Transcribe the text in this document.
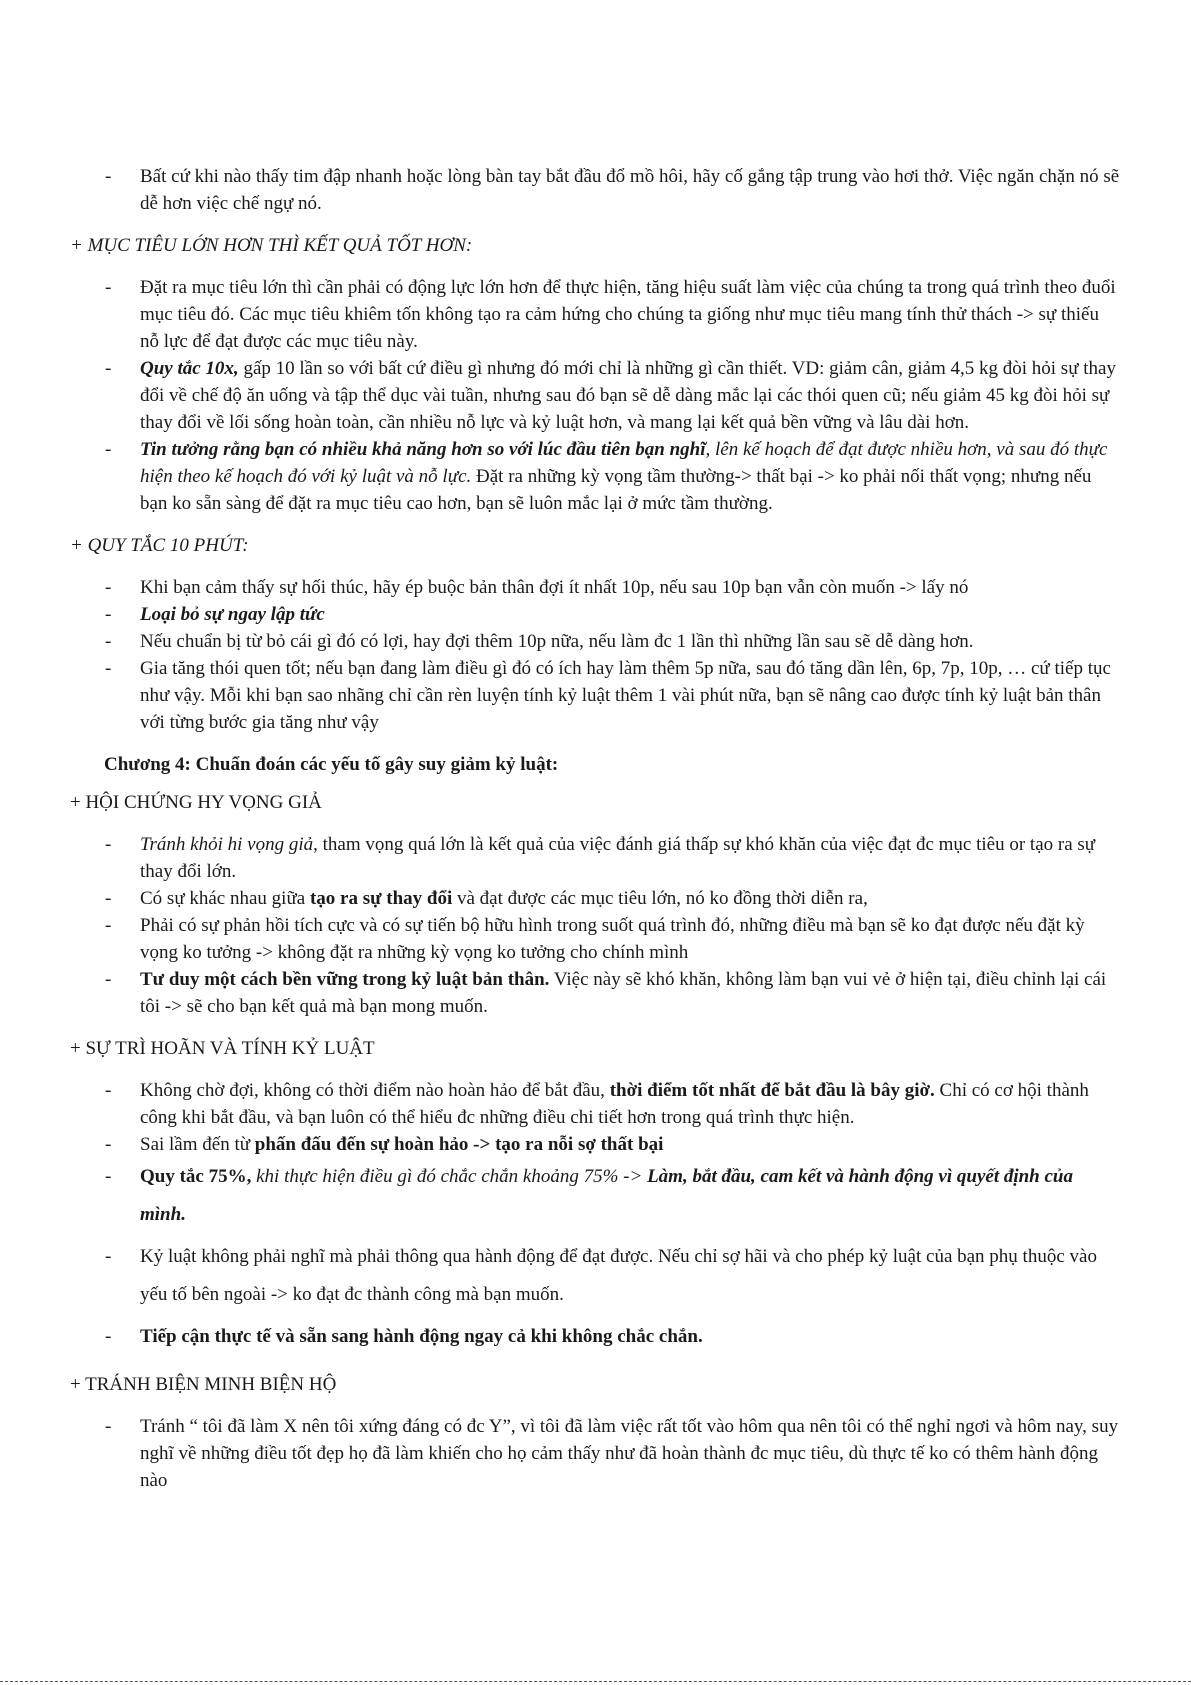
- Bất cứ khi nào thấy tim đập nhanh hoặc lòng bàn tay bắt đầu đổ mồ hôi, hãy cố gắng tập trung vào hơi thở. Việc ngăn chặn nó sẽ dễ hơn việc chế ngự nó.

+ MỤC TIÊU LỚN HƠN THÌ KẾT QUẢ TỐT HƠN:

- Đặt ra mục tiêu lớn thì cần phải có động lực lớn hơn để thực hiện, tăng hiệu suất làm việc của chúng ta trong quá trình theo đuổi mục tiêu đó. Các mục tiêu khiêm tốn không tạo ra cảm hứng cho chúng ta giống như mục tiêu mang tính thử thách -> sự thiếu nỗ lực để đạt được các mục tiêu này.
- Quy tắc 10x, gấp 10 lần so với bất cứ điều gì nhưng đó mới chỉ là những gì cần thiết. VD: giảm cân, giảm 4,5 kg đòi hỏi sự thay đổi về chế độ ăn uống và tập thể dục vài tuần, nhưng sau đó bạn sẽ dễ dàng mắc lại các thói quen cũ; nếu giảm 45 kg đòi hỏi sự thay đổi về lối sống hoàn toàn, cần nhiều nỗ lực và kỷ luật hơn, và mang lại kết quả bền vững và lâu dài hơn.
- Tin tưởng rằng bạn có nhiều khả năng hơn so với lúc đầu tiên bạn nghĩ, lên kế hoạch để đạt được nhiều hơn, và sau đó thực hiện theo kế hoạch đó với kỷ luật và nỗ lực. Đặt ra những kỳ vọng tầm thường-> thất bại -> ko phải nối thất vọng; nhưng nếu bạn ko sẵn sàng để đặt ra mục tiêu cao hơn, bạn sẽ luôn mắc lại ở mức tầm thường.

+ QUY TẮC 10 PHÚT:

- Khi bạn cảm thấy sự hối thúc, hãy ép buộc bản thân đợi ít nhất 10p, nếu sau 10p bạn vẫn còn muốn -> lấy nó
- Loại bỏ sự ngay lập tức
- Nếu chuẩn bị từ bỏ cái gì đó có lợi, hay đợi thêm 10p nữa, nếu làm đc 1 lần thì những lần sau sẽ dễ dàng hơn.
- Gia tăng thói quen tốt; nếu bạn đang làm điều gì đó có ích hay làm thêm 5p nữa, sau đó tăng dần lên, 6p, 7p, 10p, … cứ tiếp tục như vậy. Mỗi khi bạn sao nhãng chỉ cần rèn luyện tính kỷ luật thêm 1 vài phút nữa, bạn sẽ nâng cao được tính kỷ luật bản thân với từng bước gia tăng như vậy

Chương 4: Chuẩn đoán các yếu tố gây suy giảm kỷ luật:

+ HỘI CHỨNG HY VỌNG GIẢ

- Tránh khỏi hi vọng giả, tham vọng quá lớn là kết quả của việc đánh giá thấp sự khó khăn của việc đạt đc mục tiêu or tạo ra sự thay đổi lớn.
- Có sự khác nhau giữa tạo ra sự thay đổi và đạt được các mục tiêu lớn, nó ko đồng thời diễn ra,
- Phải có sự phản hồi tích cực và có sự tiến bộ hữu hình trong suốt quá trình đó, những điều mà bạn sẽ ko đạt được nếu đặt kỳ vọng ko tưởng -> không đặt ra những kỳ vọng ko tưởng cho chính mình
- Tư duy một cách bền vững trong kỷ luật bản thân. Việc này sẽ khó khăn, không làm bạn vui vẻ ở hiện tại, điều chỉnh lại cái tôi -> sẽ cho bạn kết quả mà bạn mong muốn.

+ SỰ TRÌ HOÃN VÀ TÍNH KỶ LUẬT

- Không chờ đợi, không có thời điểm nào hoàn hảo để bắt đầu, thời điểm tốt nhất để bắt đầu là bây giờ. Chỉ có cơ hội thành công khi bắt đầu, và bạn luôn có thể hiểu đc những điều chi tiết hơn trong quá trình thực hiện.
- Sai lầm đến từ phấn đấu đến sự hoàn hảo -> tạo ra nỗi sợ thất bại
- Quy tắc 75%, khi thực hiện điều gì đó chắc chắn khoảng 75% -> Làm, bắt đầu, cam kết và hành động vì quyết định của mình.
- Kỷ luật không phải nghĩ mà phải thông qua hành động để đạt được. Nếu chỉ sợ hãi và cho phép kỷ luật của bạn phụ thuộc vào yếu tố bên ngoài -> ko đạt đc thành công mà bạn muốn.
- Tiếp cận thực tế và sẵn sang hành động ngay cả khi không chắc chắn.

+ TRÁNH BIỆN MINH BIỆN HỘ

- Tránh “ tôi đã làm X nên tôi xứng đáng có đc Y”, vì tôi đã làm việc rất tốt vào hôm qua nên tôi có thể nghỉ ngơi và hôm nay, suy nghĩ về những điều tốt đẹp họ đã làm khiến cho họ cảm thấy như đã hoàn thành đc mục tiêu, dù thực tế ko có thêm hành động nào
